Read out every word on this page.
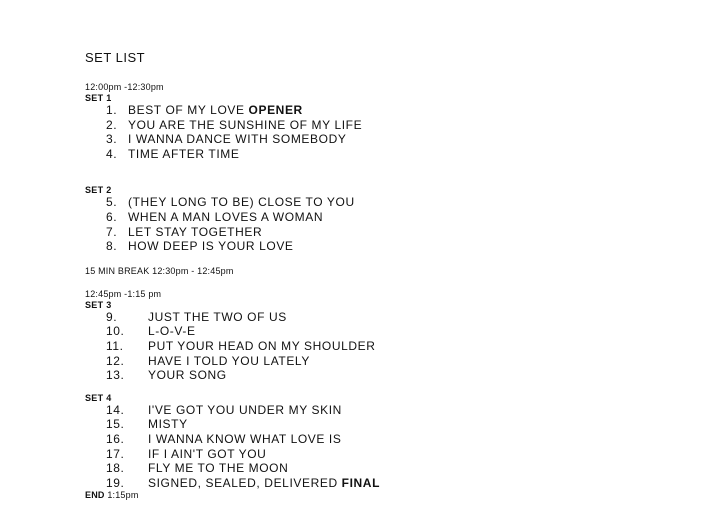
SET LIST
12:00pm -12:30pm
SET 1
1. BEST OF MY LOVE
OPENER
2. YOU ARE THE SUNSHINE OF MY LIFE
3. I WANNA DANCE WITH SOMEBODY
4. TIME AFTER TIME
SET 2
5. (THEY LONG TO BE) CLOSE TO YOU
6. WHEN A MAN LOVES A WOMAN
7. LET STAY TOGETHER
8. HOW DEEP IS YOUR LOVE
15 MIN BREAK 12:30pm - 12:45pm
12:45pm -1:15 pm
SET 3
9.	JUST THE TWO OF US
10.	L-O-V-E
11.	PUT YOUR HEAD ON MY SHOULDER
12.	HAVE I TOLD YOU LATELY
13.	YOUR SONG
SET 4
14.	I'VE GOT YOU UNDER MY SKIN
15.	MISTY
16.	I WANNA KNOW WHAT LOVE IS
17.	IF I AIN'T GOT YOU
18.	FLY ME TO THE MOON
19.	SIGNED, SEALED, DELIVERED
FINAL
END 1:15pm
